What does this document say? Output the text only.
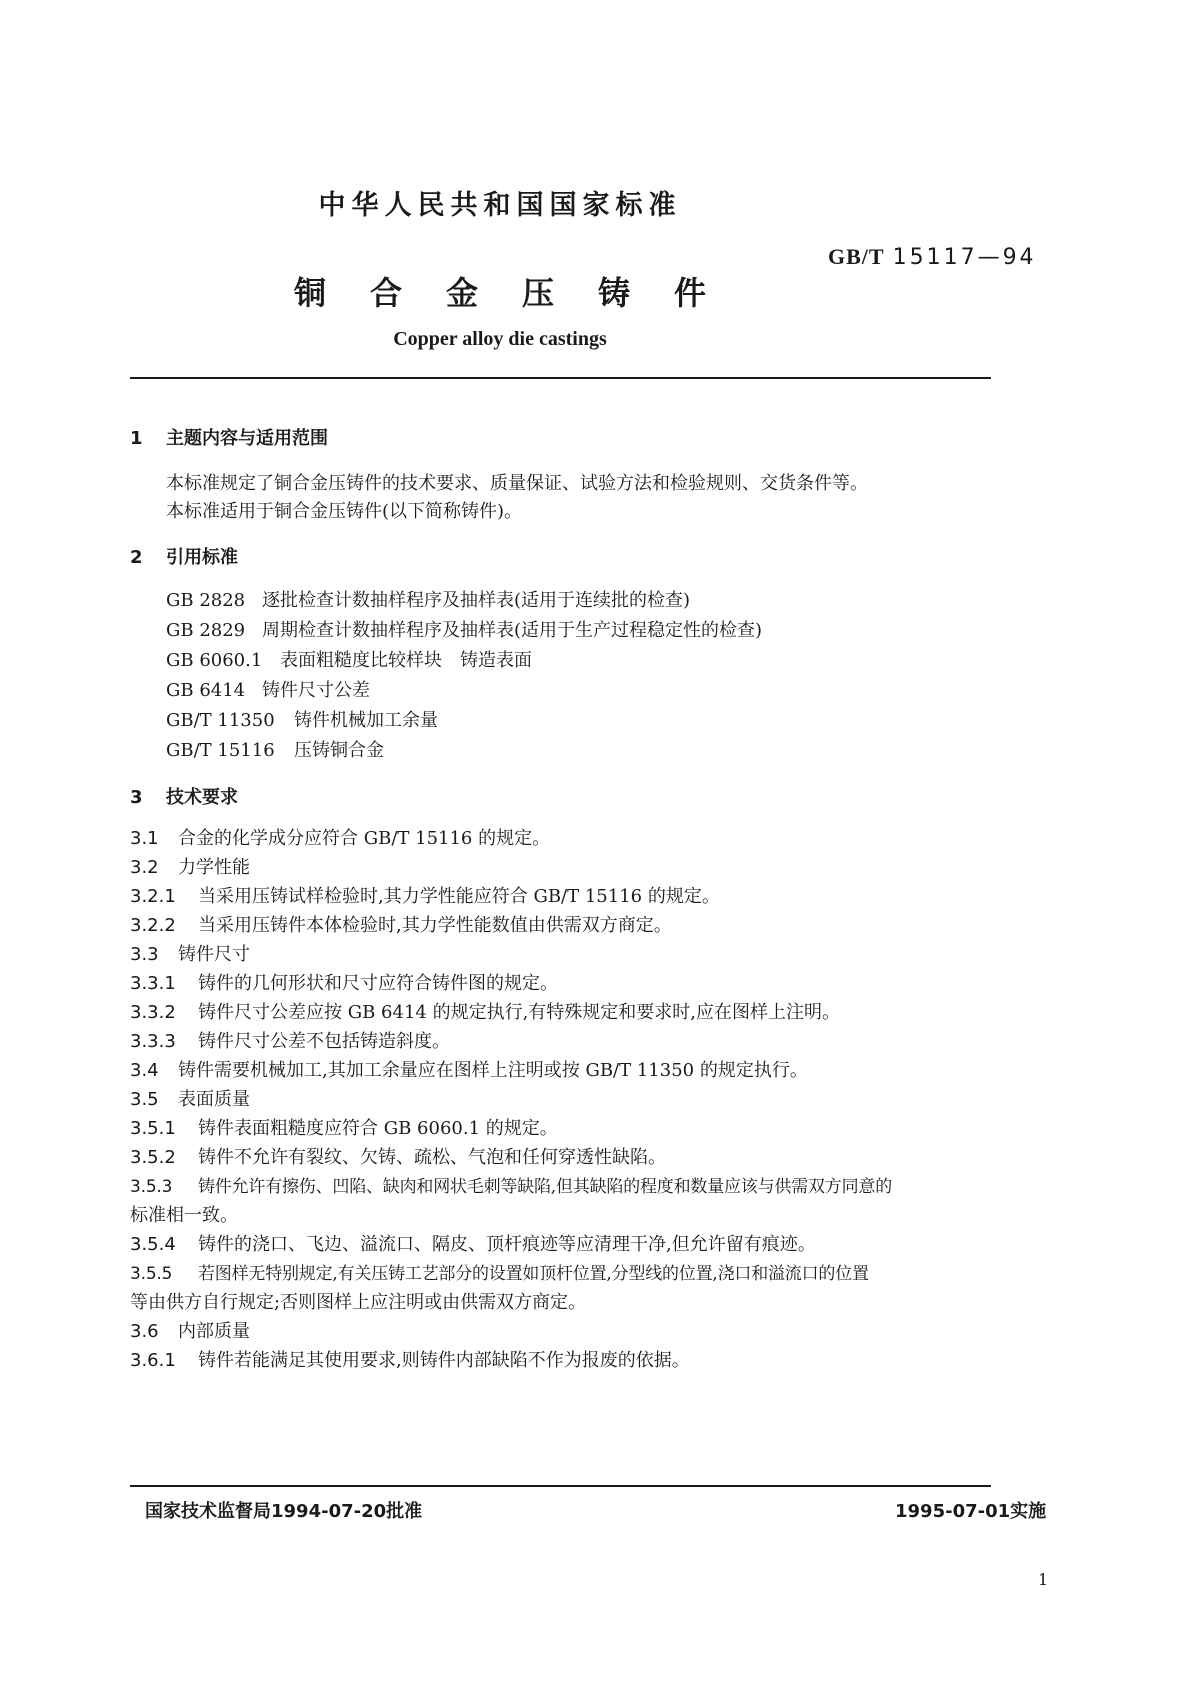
中华人民共和国国家标准
GB/T 15117—94
铜 合 金 压 铸 件
Copper alloy die castings
1 主题内容与适用范围
本标准规定了铜合金压铸件的技术要求、质量保证、试验方法和检验规则、交货条件等。
本标准适用于铜合金压铸件(以下简称铸件)。
2 引用标准
GB 2828 逐批检查计数抽样程序及抽样表(适用于连续批的检查)
GB 2829 周期检查计数抽样程序及抽样表(适用于生产过程稳定性的检查)
GB 6060.1 表面粗糙度比较样块　铸造表面
GB 6414 铸件尺寸公差
GB/T 11350 铸件机械加工余量
GB/T 15116 压铸铜合金
3 技术要求
3.1 合金的化学成分应符合 GB/T 15116 的规定。
3.2 力学性能
3.2.1 当采用压铸试样检验时,其力学性能应符合 GB/T 15116 的规定。
3.2.2 当采用压铸件本体检验时,其力学性能数值由供需双方商定。
3.3 铸件尺寸
3.3.1 铸件的几何形状和尺寸应符合铸件图的规定。
3.3.2 铸件尺寸公差应按 GB 6414 的规定执行,有特殊规定和要求时,应在图样上注明。
3.3.3 铸件尺寸公差不包括铸造斜度。
3.4 铸件需要机械加工,其加工余量应在图样上注明或按 GB/T 11350 的规定执行。
3.5 表面质量
3.5.1 铸件表面粗糙度应符合 GB 6060.1 的规定。
3.5.2 铸件不允许有裂纹、欠铸、疏松、气泡和任何穿透性缺陷。
3.5.3 铸件允许有擦伤、凹陷、缺肉和网状毛刺等缺陷,但其缺陷的程度和数量应该与供需双方同意的
标准相一致。
3.5.4 铸件的浇口、飞边、溢流口、隔皮、顶杆痕迹等应清理干净,但允许留有痕迹。
3.5.5 若图样无特别规定,有关压铸工艺部分的设置如顶杆位置,分型线的位置,浇口和溢流口的位置
等由供方自行规定;否则图样上应注明或由供需双方商定。
3.6 内部质量
3.6.1 铸件若能满足其使用要求,则铸件内部缺陷不作为报废的依据。
国家技术监督局1994-07-20批准	1995-07-01实施
1
